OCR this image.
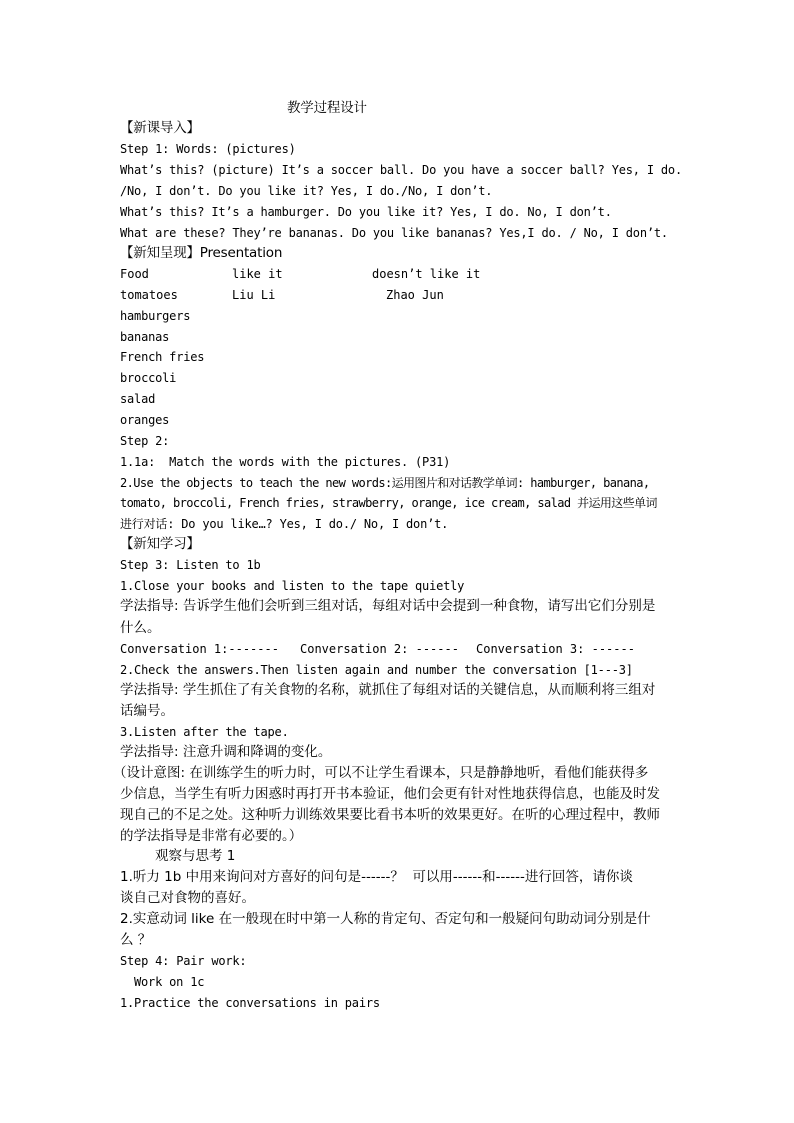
教学过程设计
【新课导入】
Step 1: Words: (pictures)
What’s this? (picture) It’s a soccer ball. Do you have a soccer ball? Yes, I do.
/No, I don’t. Do you like it? Yes, I do./No, I don’t.
What’s this? It’s a hamburger. Do you like it? Yes, I do. No, I don’t.
What are these? They’re bananas. Do you like bananas? Yes,I do. / No, I don’t.
【新知呈现】Presentation
Food	like it	doesn’t like it
tomatoes	Liu Li	Zhao Jun
hamburgers
bananas
French fries
broccoli
salad
oranges
Step 2:
1.1a:  Match the words with the pictures. (P31)
2.Use the objects to teach the new words:运用图片和对话教学单词: hamburger, banana,
tomato, broccoli, French fries, strawberry, orange, ice cream, salad 并运用这些单词
进行对话: Do you like…? Yes, I do./ No, I don’t.
【新知学习】
Step 3: Listen to 1b
1.Close your books and listen to the tape quietly
学法指导: 告诉学生他们会听到三组对话，每组对话中会提到一种食物，请写出它们分别是
什么。
Conversation 1:------- Conversation 2: ------ Conversation 3: ------
2.Check the answers.Then listen again and number the conversation [1---3]
学法指导: 学生抓住了有关食物的名称，就抓住了每组对话的关键信息，从而顺利将三组对
话编号。
3.Listen after the tape.
学法指导: 注意升调和降调的变化。
（设计意图: 在训练学生的听力时，可以不让学生看课本，只是静静地听，看他们能获得多
少信息，当学生有听力困惑时再打开书本验证，他们会更有针对性地获得信息，也能及时发
现自己的不足之处。这种听力训练效果要比看书本听的效果更好。在听的心理过程中，教师
的学法指导是非常有必要的。）
观察与思考 1
1.听力 1b 中用来询问对方喜好的问句是------？  可以用------和------进行回答，请你谈
谈自己对食物的喜好。
2.实意动词 like 在一般现在时中第一人称的肯定句、否定句和一般疑问句助动词分别是什
么 ？
Step 4: Pair work:
Work on 1c
1.Practice the conversations in pairs
